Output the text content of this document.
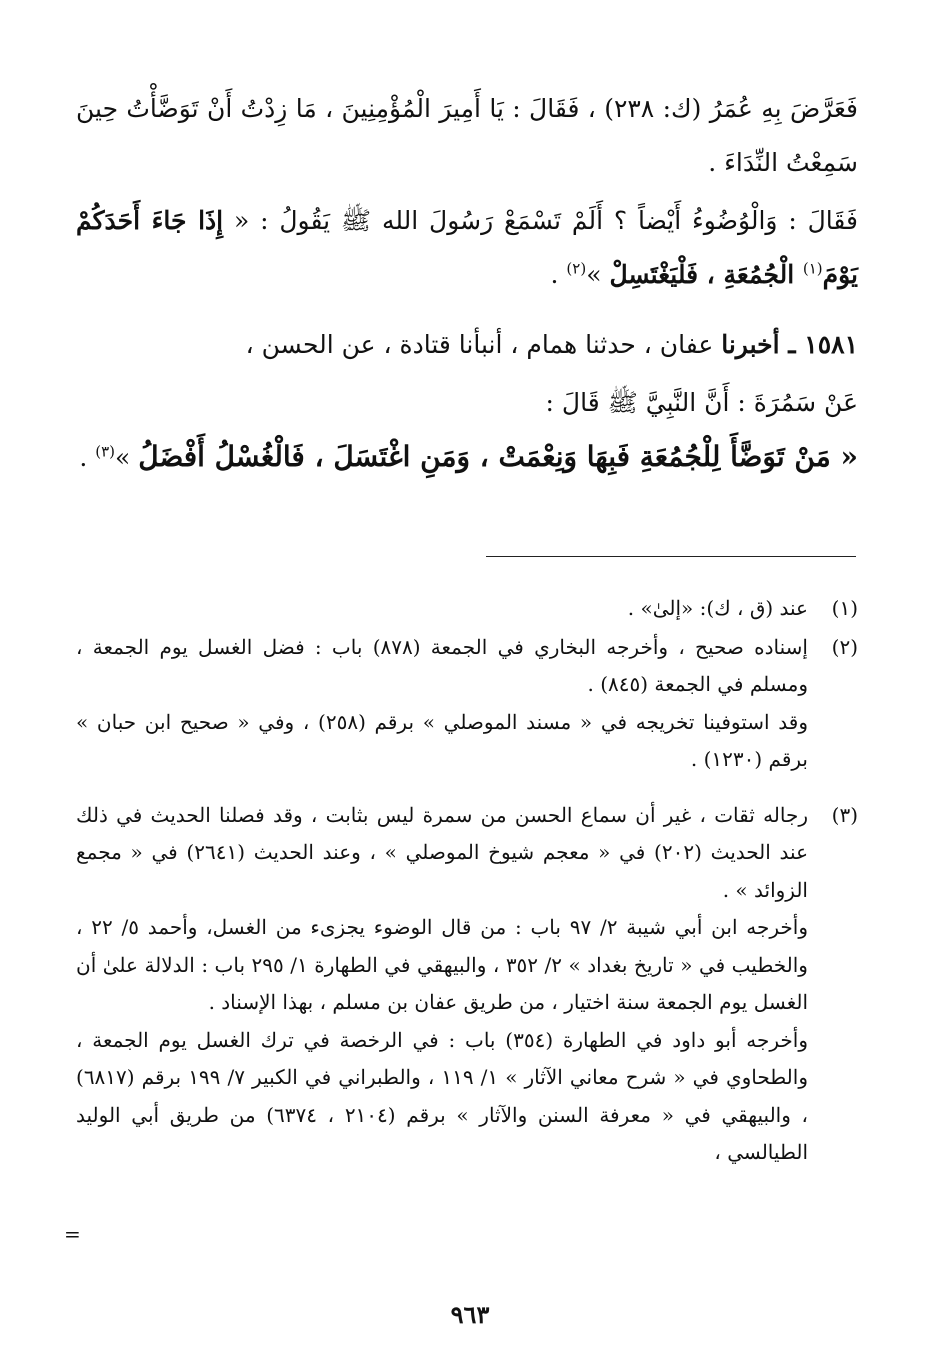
فَعَرَّضَ بِهِ عُمَرُ (ك: ٢٣٨) ، فَقَالَ : يَا أَمِيرَ الْمُؤْمِنِينَ ، مَا زِدْتُ أَنْ تَوَضَّأْتُ حِينَ سَمِعْتُ النِّدَاءَ .

فَقَالَ : وَالْوُضُوءُ أَيْضاً ؟ أَلَمْ تَسْمَعْ رَسُولَ الله ﷺ يَقُولُ : « إِذَا جَاءَ أَحَدَكُمْ يَوْمَ$^{(١)}$ الْجُمُعَةِ ، فَلْيَغْتَسِلْ »$^{(٢)}$ .

١٥٨١ ـ أخبرنا عفان ، حدثنا همام ، أنبأنا قتادة ، عن الحسن ،

عَنْ سَمُرَةَ : أَنَّ النَّبِيَّ ﷺ قَالَ :

« مَنْ تَوَضَّأَ لِلْجُمُعَةِ فَبِهَا وَنِعْمَتْ ، وَمَنِ اغْتَسَلَ ، فَالْغُسْلُ أَفْضَلُ »$^{(٣)}$ .

(١)

عند (ق ، ك): «إلىٰ» .

(٢)

إسناده صحيح ، وأخرجه البخاري في الجمعة (٨٧٨) باب : فضل الغسل يوم الجمعة ، ومسلم في الجمعة (٨٤٥) .

وقد استوفينا تخريجه في « مسند الموصلي » برقم (٢٥٨) ، وفي « صحيح ابن حبان » برقم (١٢٣٠) .

(٣)

رجاله ثقات ، غير أن سماع الحسن من سمرة ليس بثابت ، وقد فصلنا الحديث في ذلك عند الحديث (٢٠٢) في « معجم شيوخ الموصلي » ، وعند الحديث (٢٦٤١) في « مجمع الزوائد » .

وأخرجه ابن أبي شيبة ٢/ ٩٧ باب : من قال الوضوء يجزىء من الغسل، وأحمد ٥/ ٢٢ ، والخطيب في « تاريخ بغداد » ٢/ ٣٥٢ ، والبيهقي في الطهارة ١/ ٢٩٥ باب : الدلالة علىٰ أن الغسل يوم الجمعة سنة اختيار ، من طريق عفان بن مسلم ، بهذا الإسناد .

وأخرجه أبو داود في الطهارة (٣٥٤) باب : في الرخصة في ترك الغسل يوم الجمعة ، والطحاوي في « شرح معاني الآثار » ١/ ١١٩ ، والطبراني في الكبير ٧/ ١٩٩ برقم (٦٨١٧) ، والبيهقي في « معرفة السنن والآثار » برقم (٢١٠٤ ، ٦٣٧٤) من طريق أبي الوليد الطيالسي ،

=
٩٦٣
